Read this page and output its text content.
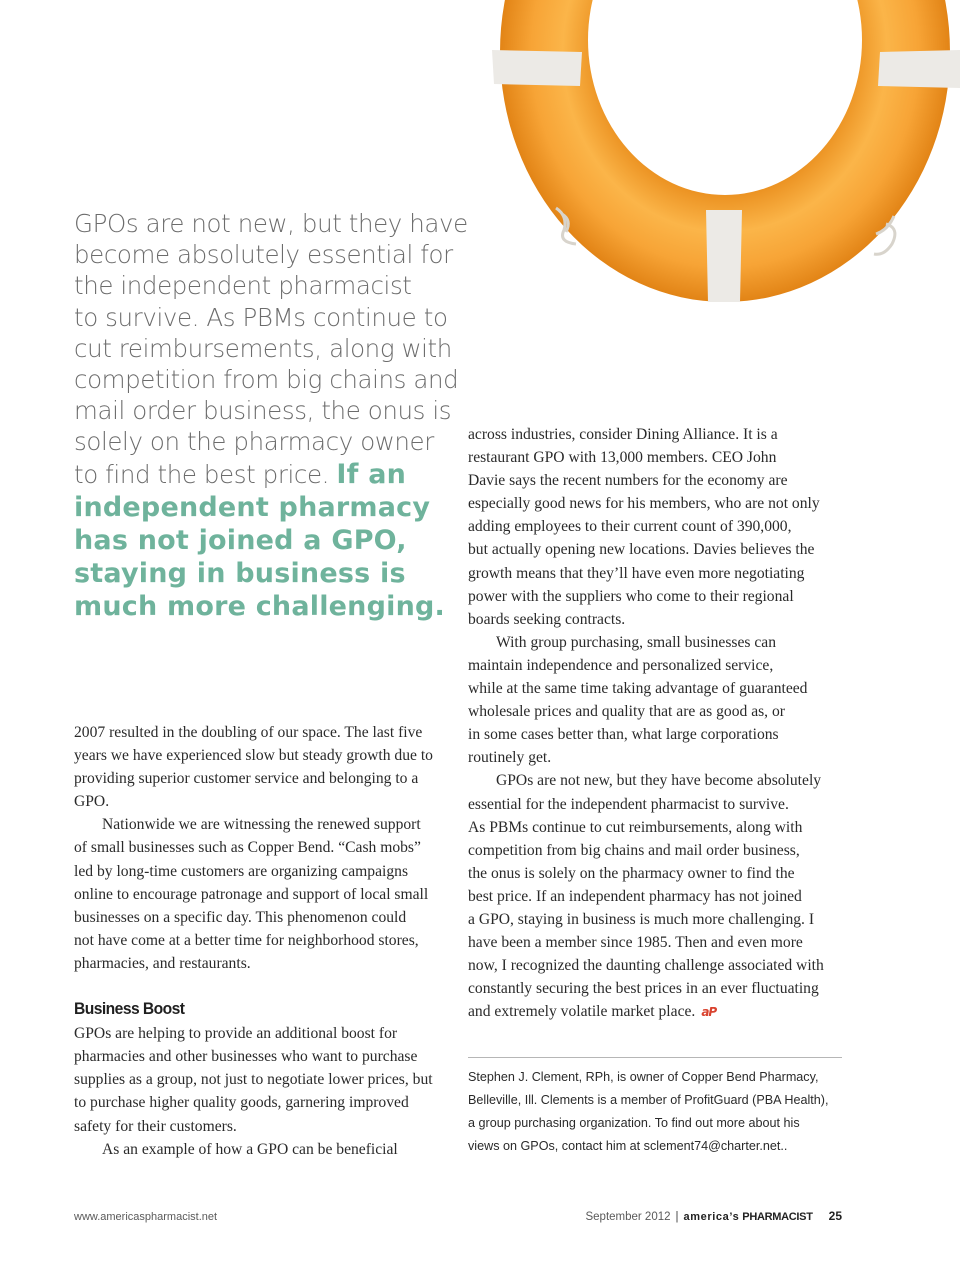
GPOs are not new, but they have
become absolutely essential for
the independent pharmacist
to survive. As PBMs continue to
cut reimbursements, along with
competition from big chains and
mail order business, the onus is
solely on the pharmacy owner
to find the best price. If an
independent pharmacy
has not joined a GPO,
staying in business is
much more challenging.

2007 resulted in the doubling of our space. The last five
years we have experienced slow but steady growth due to
providing superior customer service and belonging to a
GPO.

Nationwide we are witnessing the renewed support
of small businesses such as Copper Bend. “Cash mobs”
led by long-time customers are organizing campaigns
online to encourage patronage and support of local small
businesses on a specific day. This phenomenon could
not have come at a better time for neighborhood stores,
pharmacies, and restaurants.

Business Boost

GPOs are helping to provide an additional boost for
pharmacies and other businesses who want to purchase
supplies as a group, not just to negotiate lower prices, but
to purchase higher quality goods, garnering improved
safety for their customers.

As an example of how a GPO can be beneficial

across industries, consider Dining Alliance. It is a
restaurant GPO with 13,000 members. CEO John
Davie says the recent numbers for the economy are
especially good news for his members, who are not only
adding employees to their current count of 390,000,
but actually opening new locations. Davies believes the
growth means that they’ll have even more negotiating
power with the suppliers who come to their regional
boards seeking contracts.

With group purchasing, small businesses can
maintain independence and personalized service,
while at the same time taking advantage of guaranteed
wholesale prices and quality that are as good as, or
in some cases better than, what large corporations
routinely get.

GPOs are not new, but they have become absolutely
essential for the independent pharmacist to survive.
As PBMs continue to cut reimbursements, along with
competition from big chains and mail order business,
the onus is solely on the pharmacy owner to find the
best price. If an independent pharmacy has not joined
a GPO, staying in business is much more challenging. I
have been a member since 1985. Then and even more
now, I recognized the daunting challenge associated with
constantly securing the best prices in an ever fluctuating
and extremely volatile market place. aP

Stephen J. Clement, RPh, is owner of Copper Bend Pharmacy,
Belleville, Ill. Clements is a member of ProfitGuard (PBA Health),
a group purchasing organization. To find out more about his
views on GPOs, contact him at sclement74@charter.net..
www.americaspharmacist.net	September 2012 | america’s PHARMACIST 25
